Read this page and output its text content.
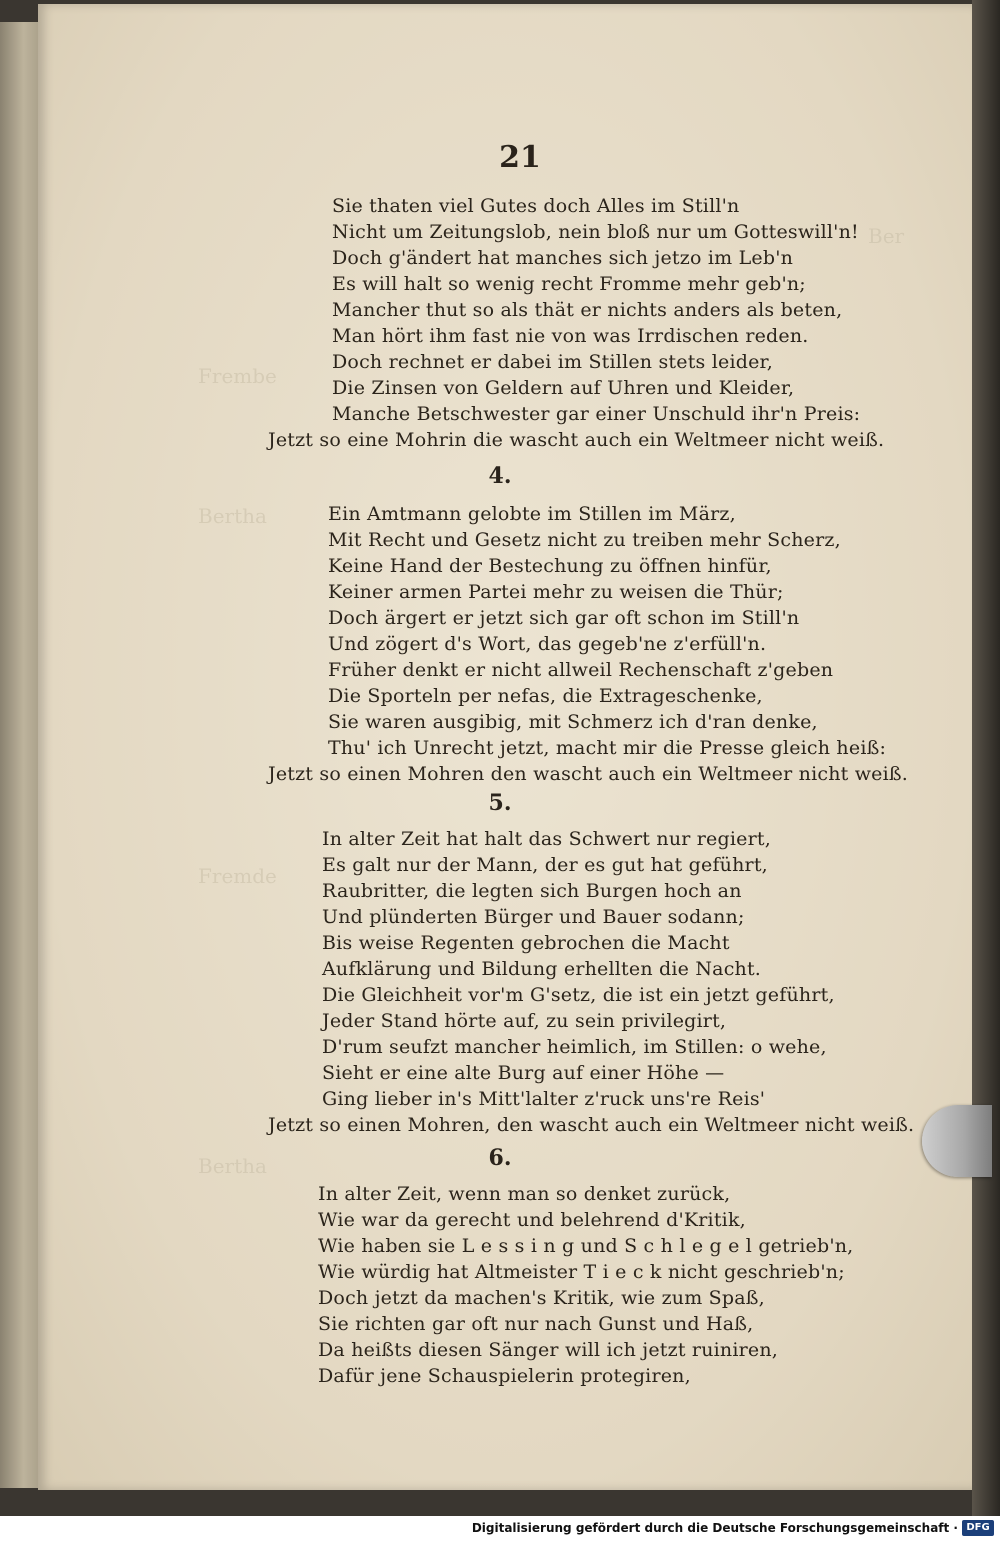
Ber
Frembe
Bertha
Fremde
Bertha
21
Sie thaten viel Gutes doch Alles im Still'n
Nicht um Zeitungslob, nein bloß nur um Gotteswill'n!
Doch g'ändert hat manches sich jetzo im Leb'n
Es will halt so wenig recht Fromme mehr geb'n;
Mancher thut so als thät er nichts anders als beten,
Man hört ihm fast nie von was Irrdischen reden.
Doch rechnet er dabei im Stillen stets leider,
Die Zinsen von Geldern auf Uhren und Kleider,
Manche Betschwester gar einer Unschuld ihr'n Preis:
Jetzt so eine Mohrin die wascht auch ein Weltmeer nicht weiß.
4.
Ein Amtmann gelobte im Stillen im März,
Mit Recht und Gesetz nicht zu treiben mehr Scherz,
Keine Hand der Bestechung zu öffnen hinfür,
Keiner armen Partei mehr zu weisen die Thür;
Doch ärgert er jetzt sich gar oft schon im Still'n
Und zögert d's Wort, das gegeb'ne z'erfüll'n.
Früher denkt er nicht allweil Rechenschaft z'geben
Die Sporteln per nefas, die Extrageschenke,
Sie waren ausgibig, mit Schmerz ich d'ran denke,
Thu' ich Unrecht jetzt, macht mir die Presse gleich heiß:
Jetzt so einen Mohren den wascht auch ein Weltmeer nicht weiß.
5.
In alter Zeit hat halt das Schwert nur regiert,
Es galt nur der Mann, der es gut hat geführt,
Raubritter, die legten sich Burgen hoch an
Und plünderten Bürger und Bauer sodann;
Bis weise Regenten gebrochen die Macht
Aufklärung und Bildung erhellten die Nacht.
Die Gleichheit vor'm G'setz, die ist ein jetzt geführt,
Jeder Stand hörte auf, zu sein privilegirt,
D'rum seufzt mancher heimlich, im Stillen: o wehe,
Sieht er eine alte Burg auf einer Höhe —
Ging lieber in's Mitt'lalter z'ruck uns're Reis'
Jetzt so einen Mohren, den wascht auch ein Weltmeer nicht weiß.
6.
In alter Zeit, wenn man so denket zurück,
Wie war da gerecht und belehrend d'Kritik,
Wie haben sie L e s s i n g und S c h l e g e l getrieb'n,
Wie würdig hat Altmeister T i e c k nicht geschrieb'n;
Doch jetzt da machen's Kritik, wie zum Spaß,
Sie richten gar oft nur nach Gunst und Haß,
Da heißts diesen Sänger will ich jetzt ruiniren,
Dafür jene Schauspielerin protegiren,
Digitalisierung gefördert durch die Deutsche Forschungsgemeinschaft · DFG
